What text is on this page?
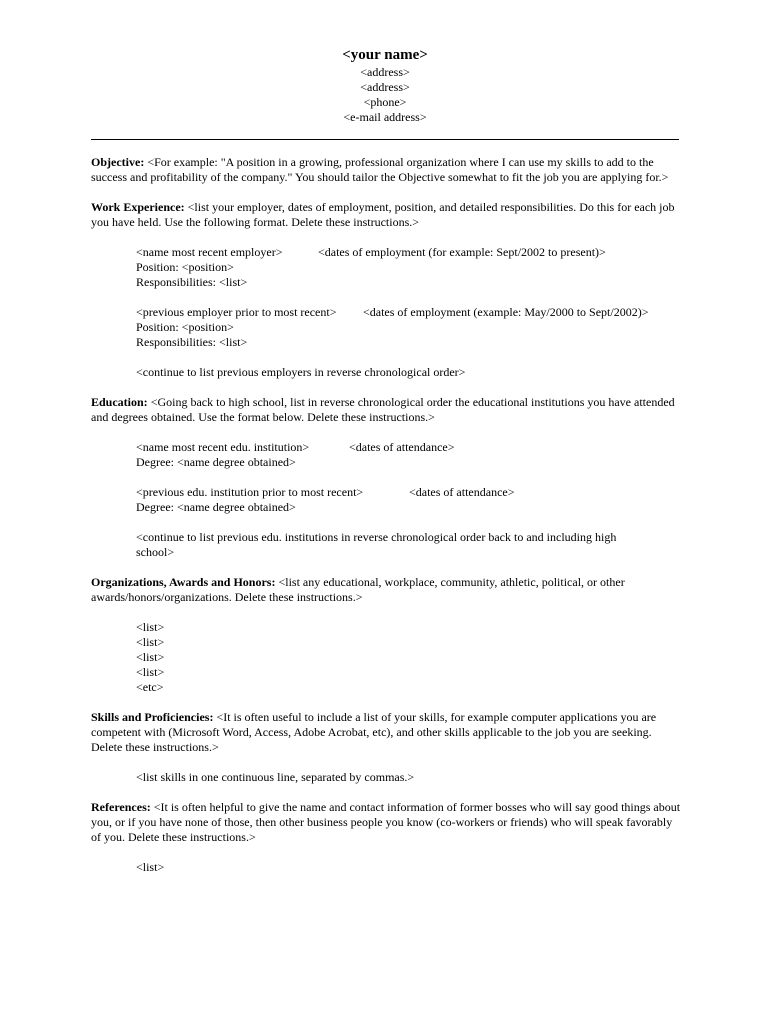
<your name>
<address>
<address>
<phone>
<e-mail address>

Objective: <For example: "A position in a growing, professional organization where I can use my skills to add to the success and profitability of the company." You should tailor the Objective somewhat to fit the job you are applying for.>

Work Experience: <list your employer, dates of employment, position, and detailed responsibilities. Do this for each job you have held. Use the following format. Delete these instructions.>

<name most recent employer>	<dates of employment (for example: Sept/2002 to present)>
Position: <position>
Responsibilities: <list>
<previous employer prior to most recent>	<dates of employment (example: May/2000 to Sept/2002)>
Position: <position>
Responsibilities: <list>
<continue to list previous employers in reverse chronological order>

Education: <Going back to high school, list in reverse chronological order the educational institutions you have attended and degrees obtained. Use the format below. Delete these instructions.>

<name most recent edu. institution>	<dates of attendance>
Degree: <name degree obtained>
<previous edu. institution prior to most recent>	<dates of attendance>
Degree: <name degree obtained>
<continue to list previous edu. institutions in reverse chronological order back to and including high school>

Organizations, Awards and Honors: <list any educational, workplace, community, athletic, political, or other awards/honors/organizations. Delete these instructions.>

<list>
<list>
<list>
<list>
<etc>

Skills and Proficiencies: <It is often useful to include a list of your skills, for example computer applications you are competent with (Microsoft Word, Access, Adobe Acrobat, etc), and other skills applicable to the job you are seeking. Delete these instructions.>

<list skills in one continuous line, separated by commas.>

References: <It is often helpful to give the name and contact information of former bosses who will say good things about you, or if you have none of those, then other business people you know (co-workers or friends) who will speak favorably of you. Delete these instructions.>

<list>
